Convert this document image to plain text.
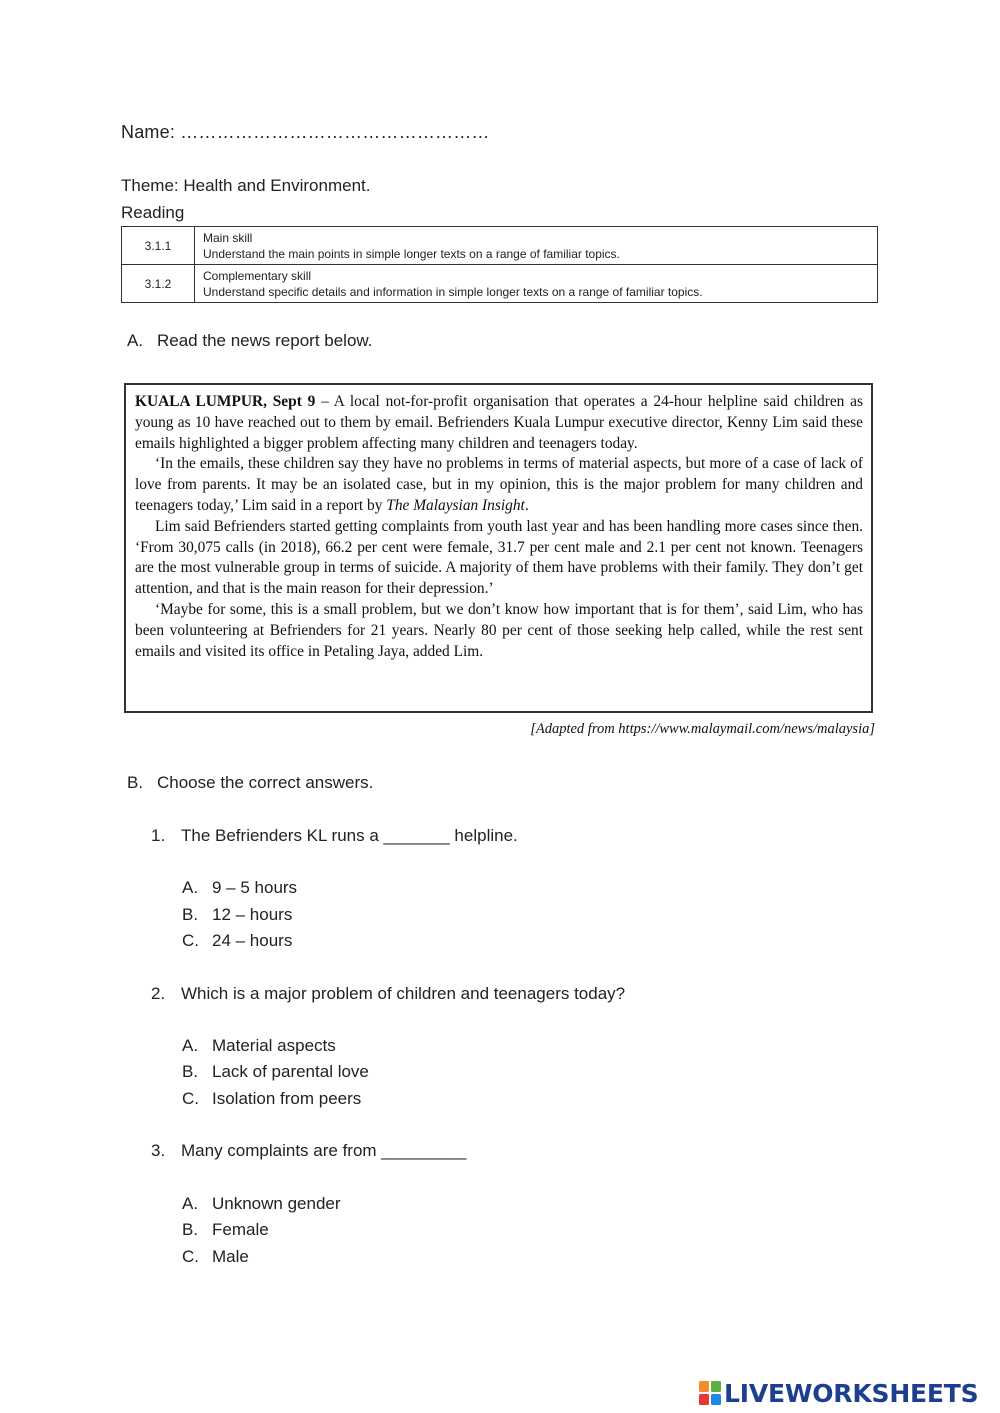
Name: ……………………………………………
Theme: Health and Environment.
Reading
3.1.1	Main skill
Understand the main points in simple longer texts on a range of familiar topics.

3.1.2	Complementary skill
Understand specific details and information in simple longer texts on a range of familiar topics.
A. Read the news report below.

KUALA LUMPUR, Sept 9 – A local not-for-profit organisation that operates a 24-hour helpline said children as young as 10 have reached out to them by email. Befrienders Kuala Lumpur executive director, Kenny Lim said these emails highlighted a bigger problem affecting many children and teenagers today.

‘In the emails, these children say they have no problems in terms of material aspects, but more of a case of lack of love from parents. It may be an isolated case, but in my opinion, this is the major problem for many children and teenagers today,’ Lim said in a report by The Malaysian Insight.

Lim said Befrienders started getting complaints from youth last year and has been handling more cases since then. ‘From 30,075 calls (in 2018), 66.2 per cent were female, 31.7 per cent male and 2.1 per cent not known. Teenagers are the most vulnerable group in terms of suicide. A majority of them have problems with their family. They don’t get attention, and that is the main reason for their depression.’

‘Maybe for some, this is a small problem, but we don’t know how important that is for them’, said Lim, who has been volunteering at Befrienders for 21 years. Nearly 80 per cent of those seeking help called, while the rest sent emails and visited its office in Petaling Jaya, added Lim.

[Adapted from https://www.malaymail.com/news/malaysia]
B. Choose the correct answers.
1. The Befrienders KL runs a _______ helpline.
A. 9 – 5 hours
B. 12 – hours
C. 24 – hours
2. Which is a major problem of children and teenagers today?
A. Material aspects
B. Lack of parental love
C. Isolation from peers
3. Many complaints are from _________
A. Unknown gender
B. Female
C. Male
LIVEWORKSHEETS
